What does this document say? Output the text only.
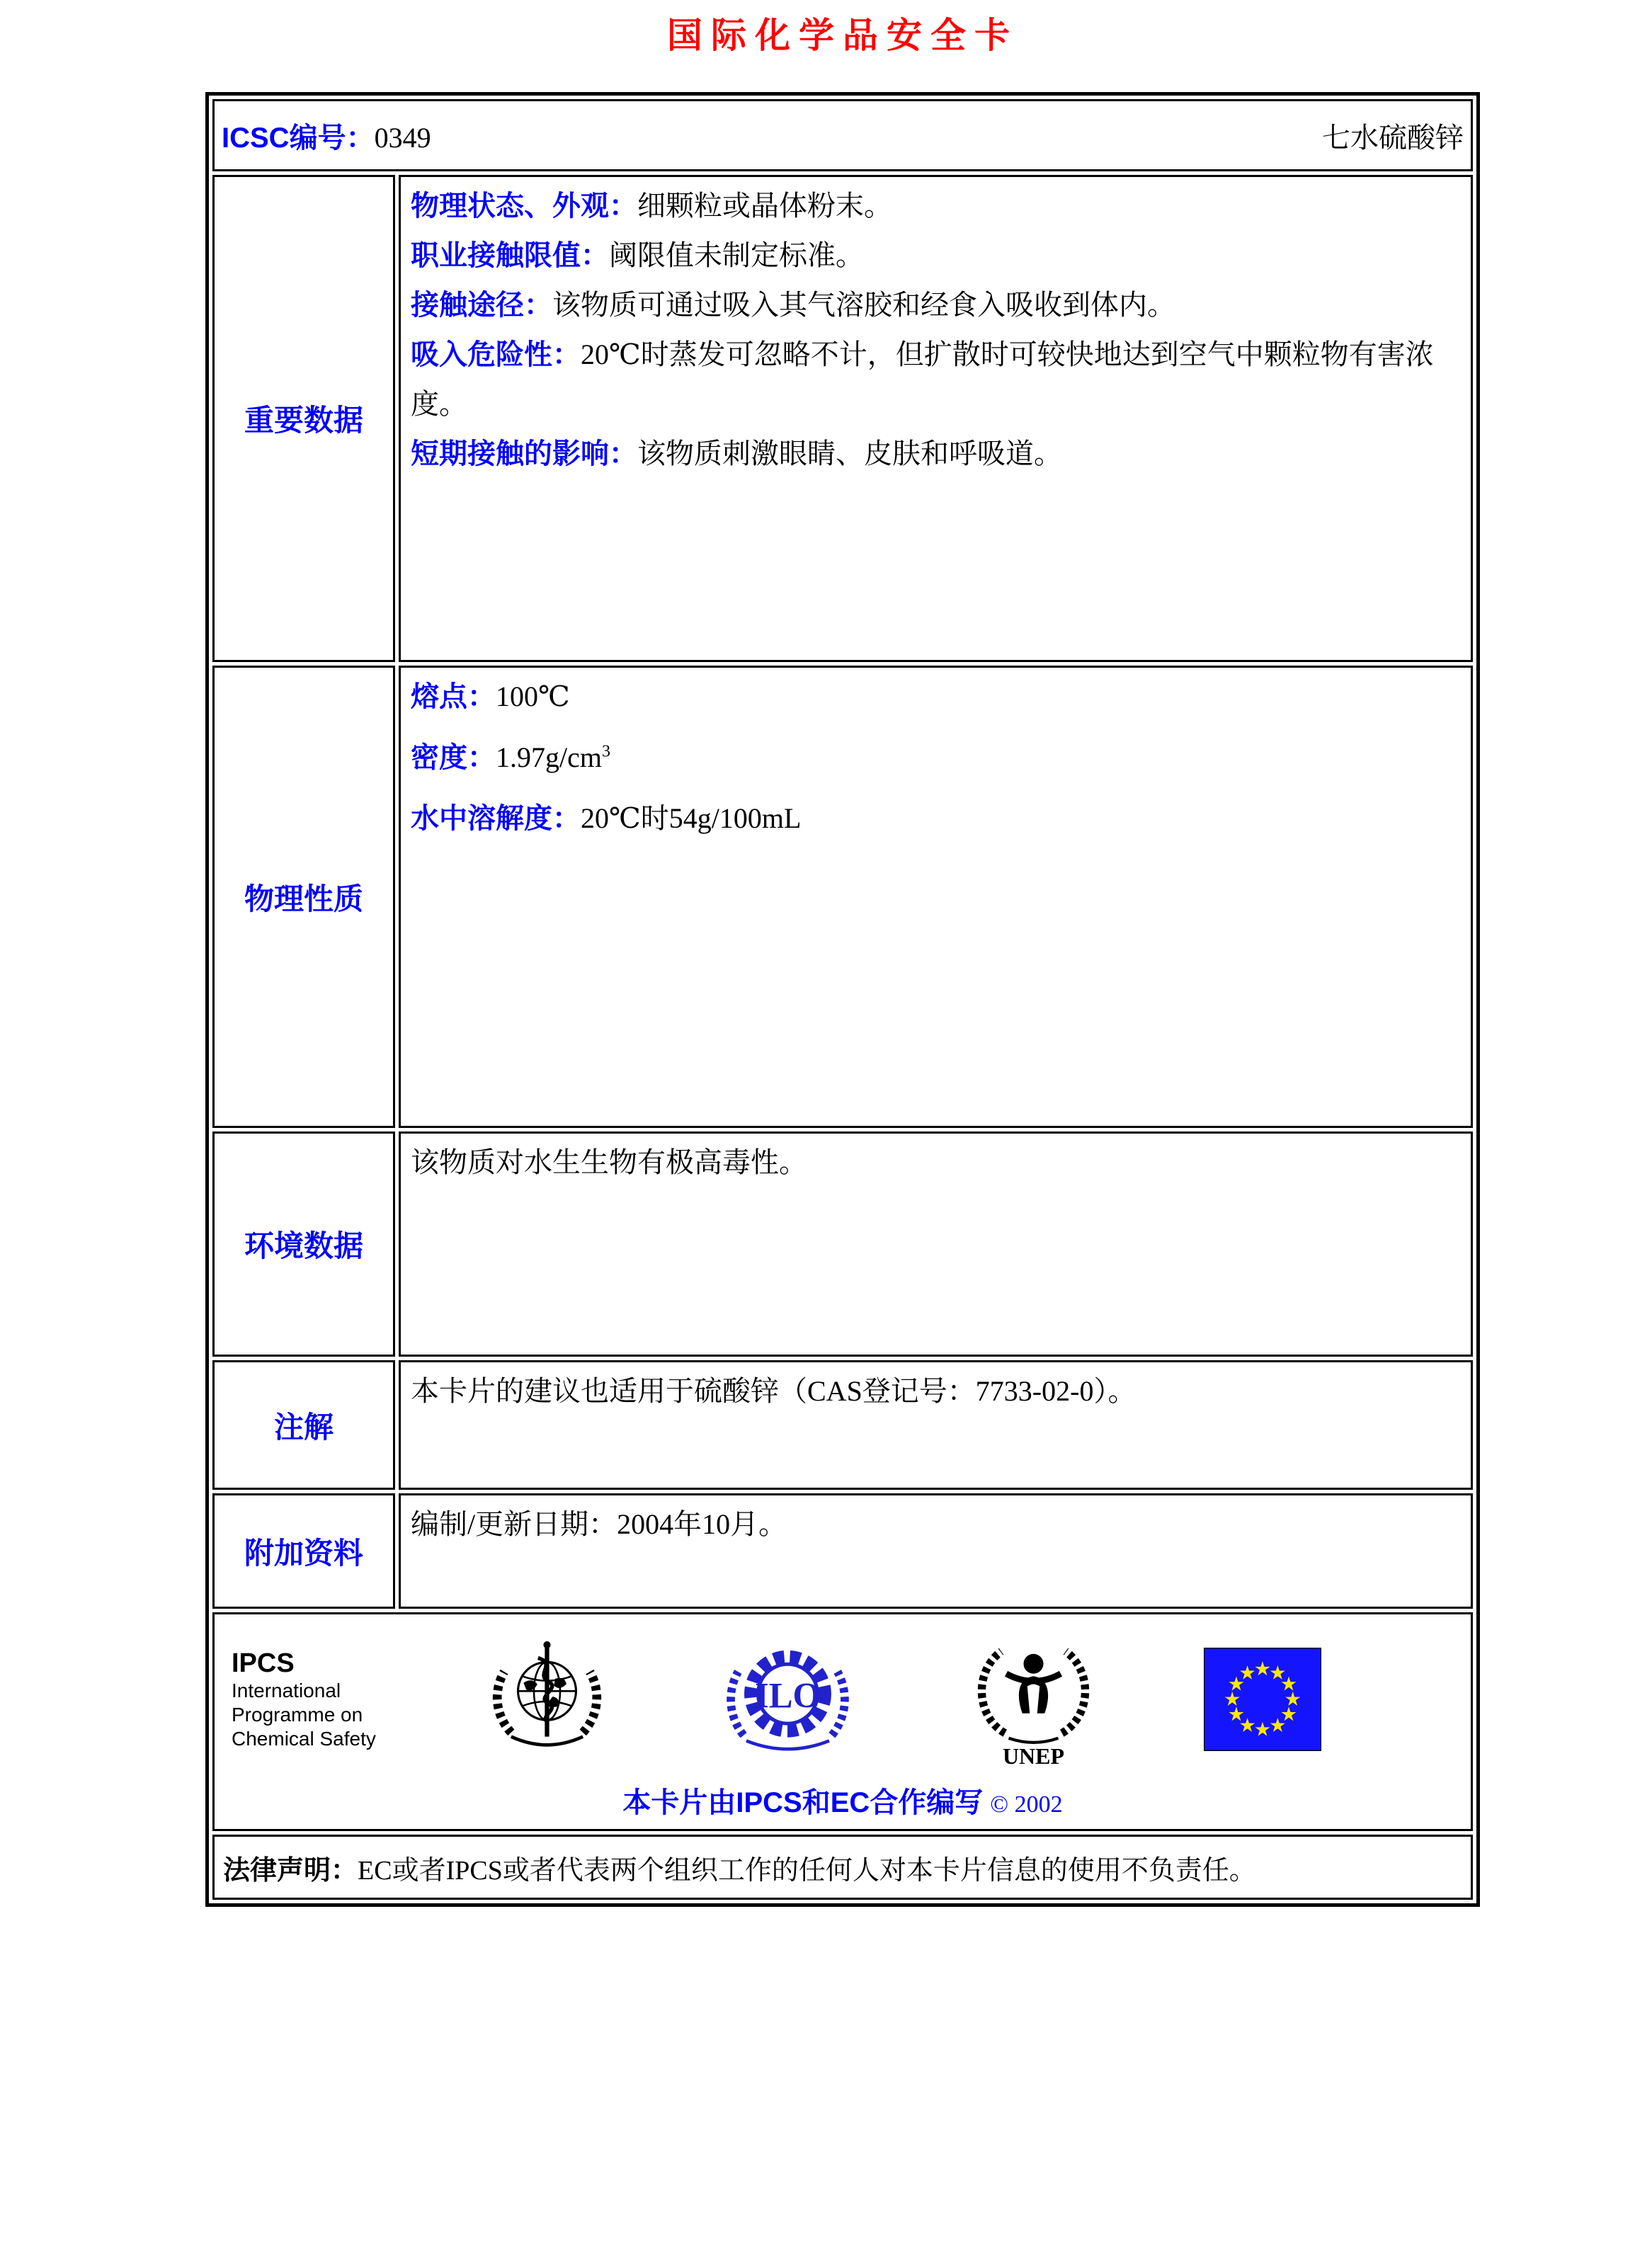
国际化学品安全卡
七水硫酸锌
ICSC编号：0349	
重要数据	物理状态、外观：细颗粒或晶体粉末。
职业接触限值：阈限值未制定标准。
接触途径：该物质可通过吸入其气溶胶和经食入吸收到体内。
吸入危险性：20℃时蒸发可忽略不计，但扩散时可较快地达到空气中颗粒物有害浓度。
短期接触的影响：该物质刺激眼睛、皮肤和呼吸道。

物理性质	熔点：100℃
密度：$1.97g/cm^3$
水中溶解度：20℃时54g/100mL

环境数据	该物质对水生生物有极高毒性。
注解	本卡片的建议也适用于硫酸锌（CAS登记号：7733-02-0）。
附加资料	编制/更新日期：2004年10月。

IPCS
International
Programme on
Chemical Safety
ILO
UNEP
本卡片由IPCS和EC合作编写 © 2002

法律声明：EC或者IPCS或者代表两个组织工作的任何人对本卡片信息的使用不负责任。	
